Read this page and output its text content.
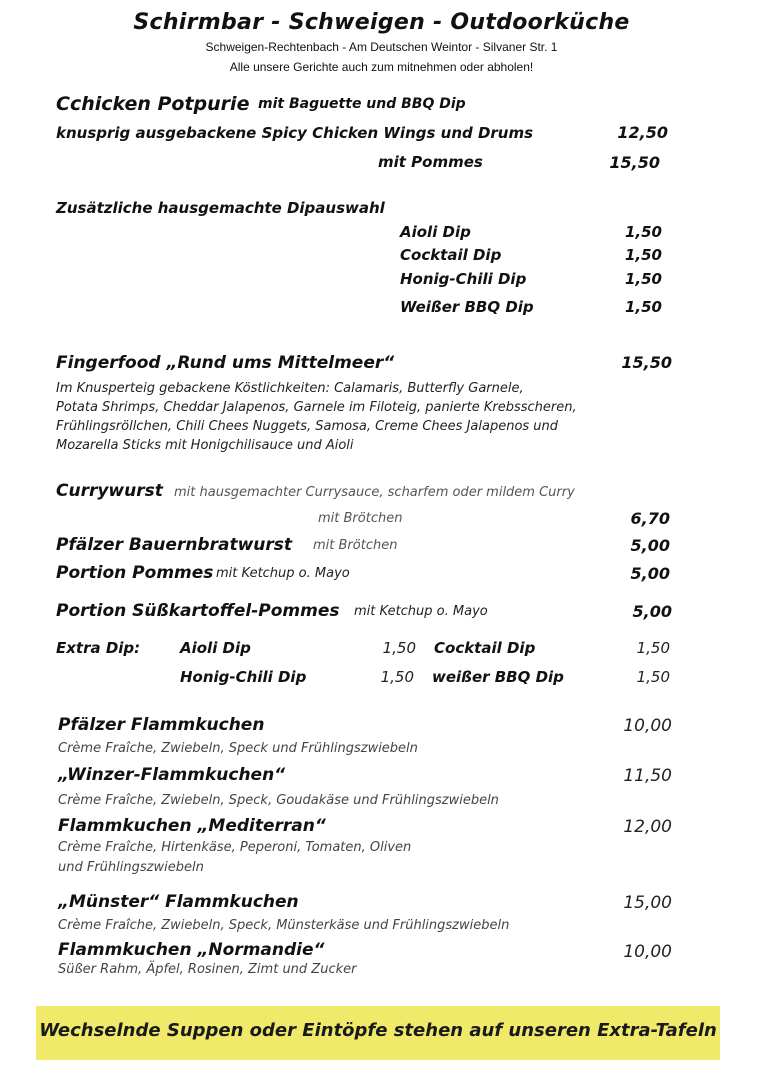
Schirmbar - Schweigen - Outdoorküche
Schweigen-Rechtenbach - Am Deutschen Weintor - Silvaner Str. 1
Alle unsere Gerichte auch zum mitnehmen oder abholen!
Cchicken Potpurie mit Baguette und BBQ Dip
knusprig ausgebackene Spicy Chicken Wings und Drums	12,50
mit Pommes	15,50
Zusätzliche hausgemachte Dipauswahl
Aioli Dip	1,50
Cocktail Dip	1,50
Honig-Chili Dip	1,50
Weißer BBQ Dip	1,50
Fingerfood „Rund ums Mittelmeer“	15,50
Im Knusperteig gebackene Köstlichkeiten: Calamaris, Butterfly Garnele,
Potata Shrimps, Cheddar Jalapenos, Garnele im Filoteig, panierte Krebsscheren,
Frühlingsröllchen, Chili Chees Nuggets, Samosa, Creme Chees Jalapenos und
Mozarella Sticks mit Honigchilisauce und Aioli
Currywurst mit hausgemachter Currysauce, scharfem oder mildem Curry
mit Brötchen	6,70
Pfälzer Bauernbratwurst mit Brötchen	5,00
Portion Pommes mit Ketchup o. Mayo	5,00
Portion Süßkartoffel-Pommes mit Ketchup o. Mayo	5,00
Extra Dip:	Aioli Dip	1,50 Cocktail Dip	1,50
Honig-Chili Dip	1,50 weißer BBQ Dip	1,50
Pfälzer Flammkuchen	10,00
Crème Fraîche, Zwiebeln, Speck und Frühlingszwiebeln
„Winzer-Flammkuchen“	11,50
Crème Fraîche, Zwiebeln, Speck, Goudakäse und Frühlingszwiebeln
Flammkuchen „Mediterran“	12,00
Crème Fraîche, Hirtenkäse, Peperoni, Tomaten, Oliven
und Frühlingszwiebeln
„Münster“ Flammkuchen	15,00
Crème Fraîche, Zwiebeln, Speck, Münsterkäse und Frühlingszwiebeln
Flammkuchen „Normandie“	10,00
Süßer Rahm, Äpfel, Rosinen, Zimt und Zucker
Wechselnde Suppen oder Eintöpfe stehen auf unseren Extra-Tafeln
